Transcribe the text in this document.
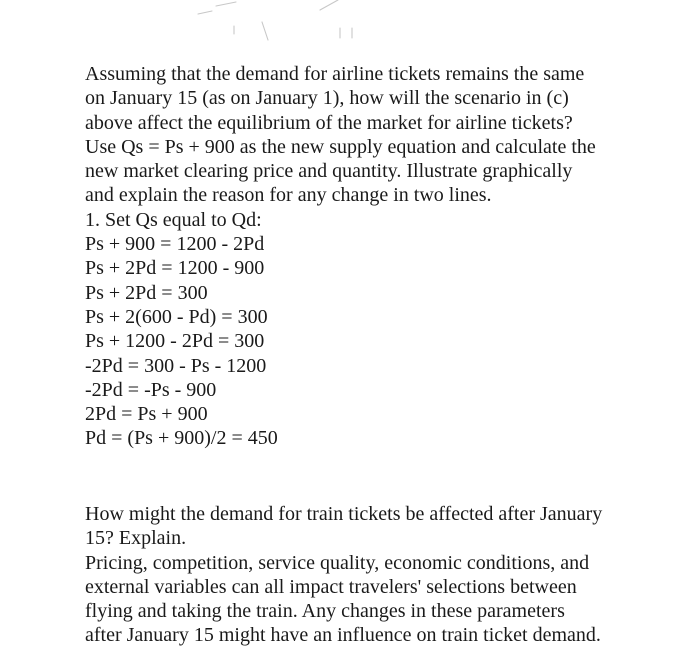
Assuming that the demand for airline tickets remains the same
on January 15 (as on January 1), how will the scenario in (c)
above affect the equilibrium of the market for airline tickets?
Use Qs = Ps + 900 as the new supply equation and calculate the
new market clearing price and quantity. Illustrate graphically
and explain the reason for any change in two lines.
1. Set Qs equal to Qd:
Ps + 900 = 1200 - 2Pd
Ps + 2Pd = 1200 - 900
Ps + 2Pd = 300
Ps + 2(600 - Pd) = 300
Ps + 1200 - 2Pd = 300
-2Pd = 300 - Ps - 1200
-2Pd = -Ps - 900
2Pd = Ps + 900
Pd = (Ps + 900)/2 = 450
How might the demand for train tickets be affected after January
15? Explain.
Pricing, competition, service quality, economic conditions, and
external variables can all impact travelers' selections between
flying and taking the train. Any changes in these parameters
after January 15 might have an influence on train ticket demand.
